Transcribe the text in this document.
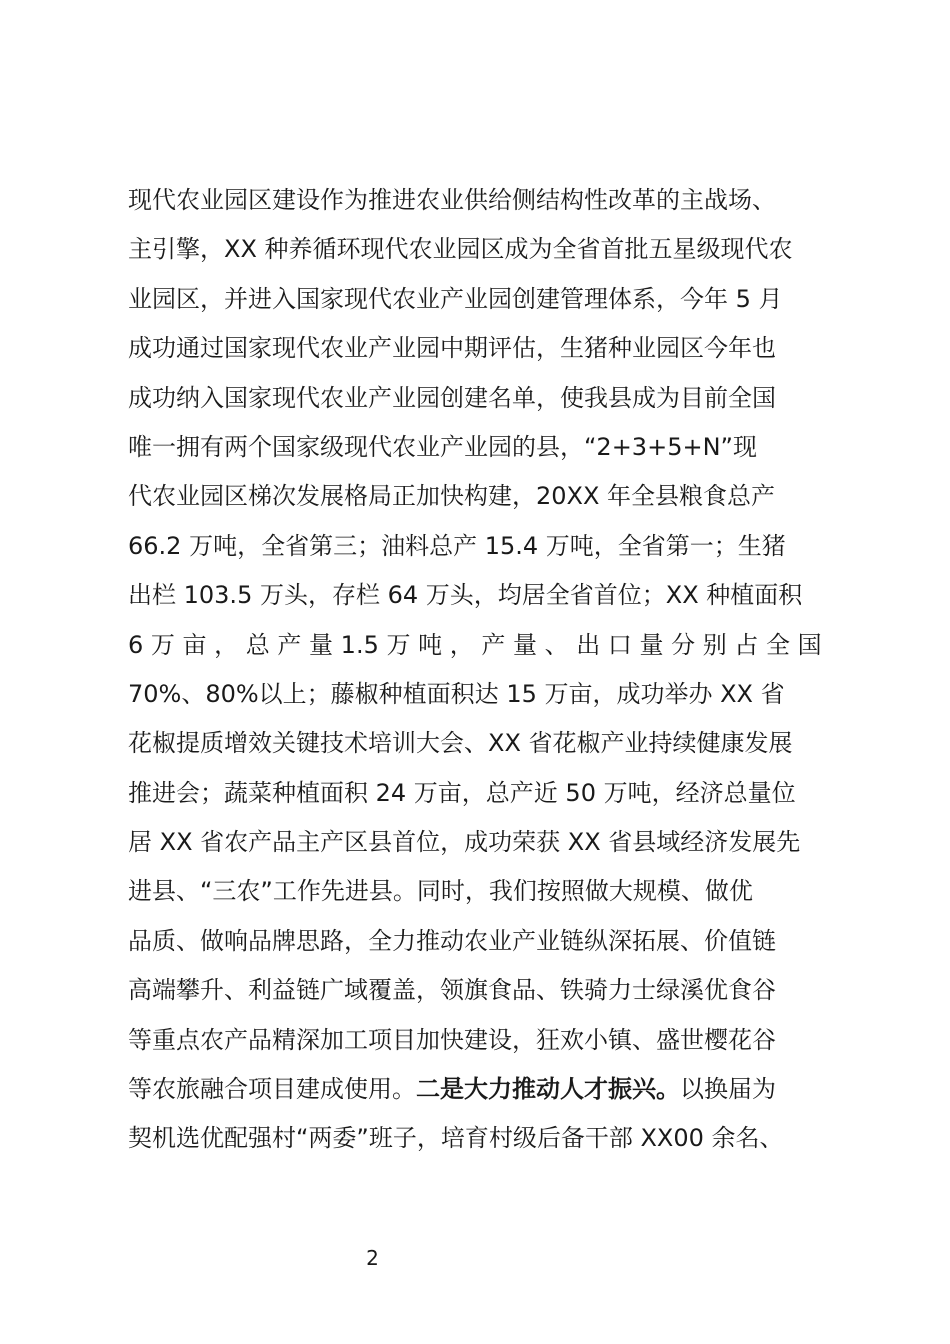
现代农业园区建设作为推进农业供给侧结构性改革的主战场、
主引擎，XX 种养循环现代农业园区成为全省首批五星级现代农
业园区，并进入国家现代农业产业园创建管理体系，今年 5 月
成功通过国家现代农业产业园中期评估，生猪种业园区今年也
成功纳入国家现代农业产业园创建名单，使我县成为目前全国
唯一拥有两个国家级现代农业产业园的县，“2+3+5+N”现
代农业园区梯次发展格局正加快构建，20XX 年全县粮食总产
66.2 万吨，全省第三；油料总产 15.4 万吨，全省第一；生猪
出栏 103.5 万头，存栏 64 万头，均居全省首位；XX 种植面积
6 万 亩 ， 总 产 量 1.5 万 吨 ， 产 量 、 出 口 量 分 别 占 全 国
70%、80%以上；藤椒种植面积达 15 万亩，成功举办 XX 省
花椒提质增效关键技术培训大会、XX 省花椒产业持续健康发展
推进会；蔬菜种植面积 24 万亩，总产近 50 万吨，经济总量位
居 XX 省农产品主产区县首位，成功荣获 XX 省县域经济发展先
进县、“三农”工作先进县。同时，我们按照做大规模、做优
品质、做响品牌思路，全力推动农业产业链纵深拓展、价值链
高端攀升、利益链广域覆盖，领旗食品、铁骑力士绿溪优食谷
等重点农产品精深加工项目加快建设，狂欢小镇、盛世樱花谷
等农旅融合项目建成使用。二是大力推动人才振兴。以换届为
契机选优配强村“两委”班子，培育村级后备干部 XX00 余名、
2
